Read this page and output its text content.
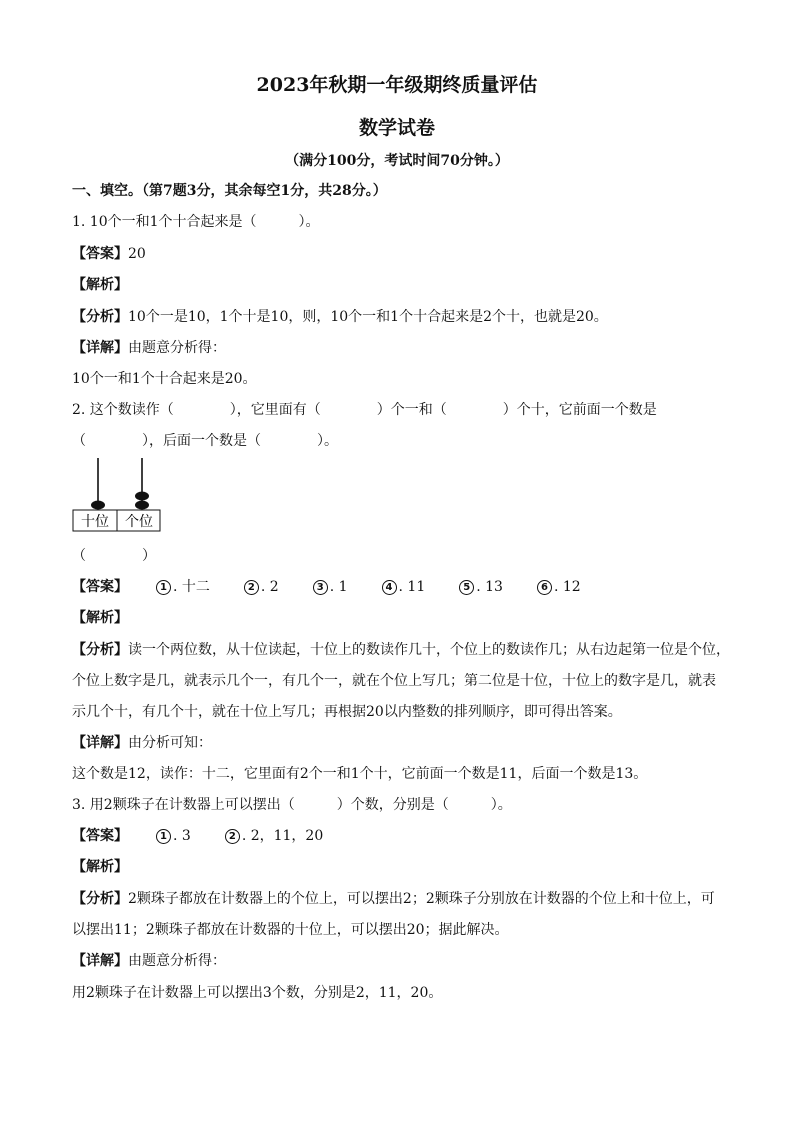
2023年秋期一年级期终质量评估
数学试卷
（满分100分，考试时间70分钟。）
一、填空。（第7题3分，其余每空1分，共28分。）
1. 10个一和1个十合起来是（　　　）。
【答案】20
【解析】
【分析】10个一是10，1个十是10，则，10个一和1个十合起来是2个十，也就是20。
【详解】由题意分析得：
10个一和1个十合起来是20。
2. 这个数读作（　　　　），它里面有（　　　　）个一和（　　　　）个十，它前面一个数是
（　　　　），后面一个数是（　　　　）。
十位 个位
（　　　　）
【答案】	1 . 十二	2 . 2	3 . 1	4 . 11	5 . 13	6 . 12
【解析】
【分析】读一个两位数，从十位读起，十位上的数读作几十，个位上的数读作几；从右边起第一位是个位，
个位上数字是几，就表示几个一，有几个一，就在个位上写几；第二位是十位，十位上的数字是几，就表
示几个十，有几个十，就在十位上写几；再根据20以内整数的排列顺序，即可得出答案。
【详解】由分析可知：
这个数是12，读作：十二，它里面有2个一和1个十，它前面一个数是11，后面一个数是13。
3. 用2颗珠子在计数器上可以摆出（　　　）个数，分别是（　　　）。
【答案】	1 . 3	2 . 2，11，20
【解析】
【分析】2颗珠子都放在计数器上的个位上，可以摆出2；2颗珠子分别放在计数器的个位上和十位上，可
以摆出11；2颗珠子都放在计数器的十位上，可以摆出20；据此解决。
【详解】由题意分析得：
用2颗珠子在计数器上可以摆出3个数，分别是2，11，20。
